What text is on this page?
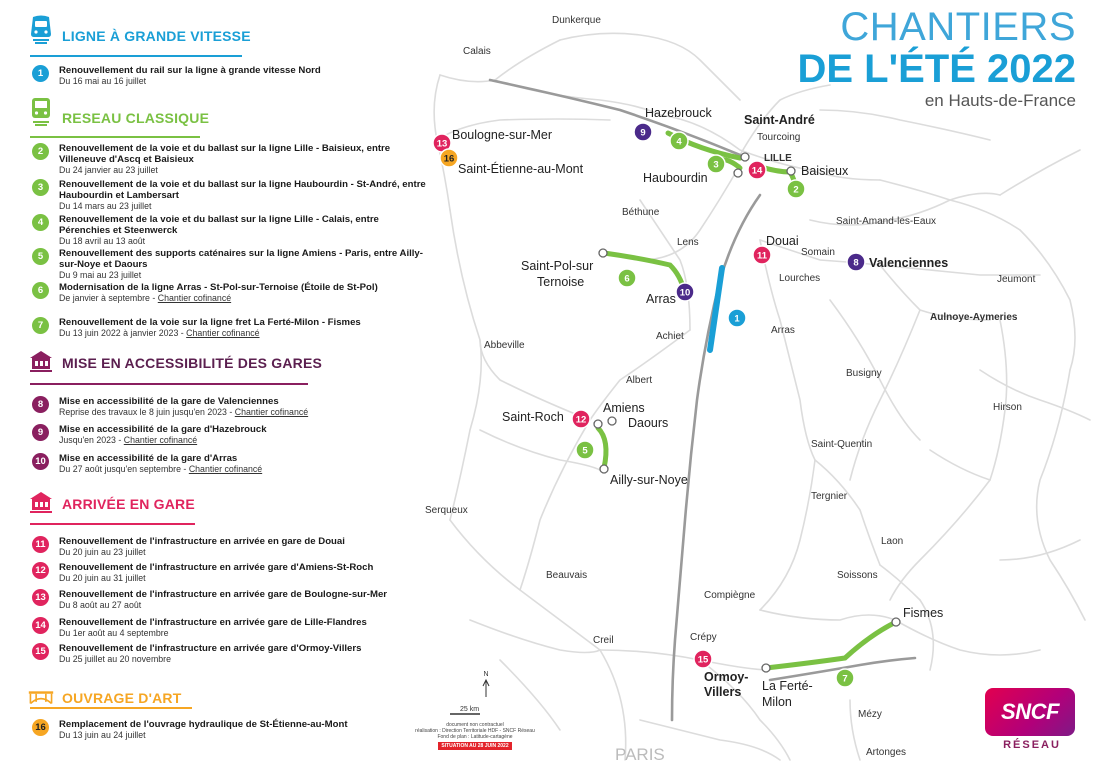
Dunkerque
Calais
Hazebrouck	Saint-André
Tourcoing
LILLE
Baisieux
Haubourdin
Boulogne-sur-Mer
Saint-Étienne-au-Mont
Béthune
Saint-Amand-les-Eaux
Lens	Douai
Somain
Saint-Pol-sur
Ternoise
Valenciennes
Jeumont
Lourches
Arras
Arras
Aulnoye-Aymeries
Achiet
Abbeville
Albert
Busigny
Saint-Roch
Amiens
Daours
Hirson
Saint-Quentin
Ailly-sur-Noye
Tergnier
Serqueux
Laon
Beauvais	Soissons
Compiègne
Fismes
Creil	Crépy
Ormoy-
Villers La Ferté-
Milon
Mézy
PARIS	Artonges
1
2
3
4
5
6
7
8
9
10
11
12
13
14
15
16
N
25 km
CHANTIERS
DE L'ÉTÉ 2022
en Hauts-de-France
LIGNE À GRANDE VITESSE
1	Renouvellement du rail sur la ligne à grande vitesse Nord
Du 16 mai au 16 juillet
RESEAU CLASSIQUE
2	Renouvellement de la voie et du ballast sur la ligne Lille - Baisieux, entre Villeneuve d'Ascq et Baisieux
Du 24 janvier au 23 juillet
3	Renouvellement de la voie et du ballast sur la ligne Haubourdin - St-André, entre Haubourdin et Lambersart
Du 14 mars au 23 juillet
4	Renouvellement de la voie et du ballast sur la ligne Lille - Calais, entre Pérenchies et Steenwerck
Du 18 avril au 13 août
5	Renouvellement des supports caténaires sur la ligne Amiens - Paris, entre Ailly-sur-Noye et Daours
Du 9 mai au 23 juillet
6	Modernisation de la ligne Arras - St-Pol-sur-Ternoise (Étoile de St-Pol)
De janvier à septembre - Chantier cofinancé
7	Renouvellement de la voie sur la ligne fret La Ferté-Milon - Fismes
Du 13 juin 2022 à janvier 2023 - Chantier cofinancé
MISE EN ACCESSIBILITÉ DES GARES
8	Mise en accessibilité de la gare de Valenciennes
Reprise des travaux le 8 juin jusqu'en 2023 - Chantier cofinancé
9	Mise en accessibilité de la gare d'Hazebrouck
Jusqu'en 2023 - Chantier cofinancé
10	Mise en accessibilité de la gare d'Arras
Du 27 août jusqu'en septembre - Chantier cofinancé
ARRIVÉE EN GARE
11	Renouvellement de l'infrastructure en arrivée en gare de Douai
Du 20 juin au 23 juillet
12	Renouvellement de l'infrastructure en arrivée gare d'Amiens-St-Roch
Du 20 juin au 31 juillet
13	Renouvellement de l'infrastructure en arrivée gare de Boulogne-sur-Mer
Du 8 août au 27 août
14	Renouvellement de l'infrastructure en arrivée gare de Lille-Flandres
Du 1er août au 4 septembre
15	Renouvellement de l'infrastructure en arrivée gare d'Ormoy-Villers
Du 25 juillet au 20 novembre
OUVRAGE D'ART
16	Remplacement de l'ouvrage hydraulique de St-Étienne-au-Mont
Du 13 juin au 24 juillet
document non contractuel
réalisation : Direction Territoriale HDF - SNCF Réseau
Fond de plan : Latitude-cartagène
SITUATION AU 28 JUIN 2022
SNCF
RÉSEAU
